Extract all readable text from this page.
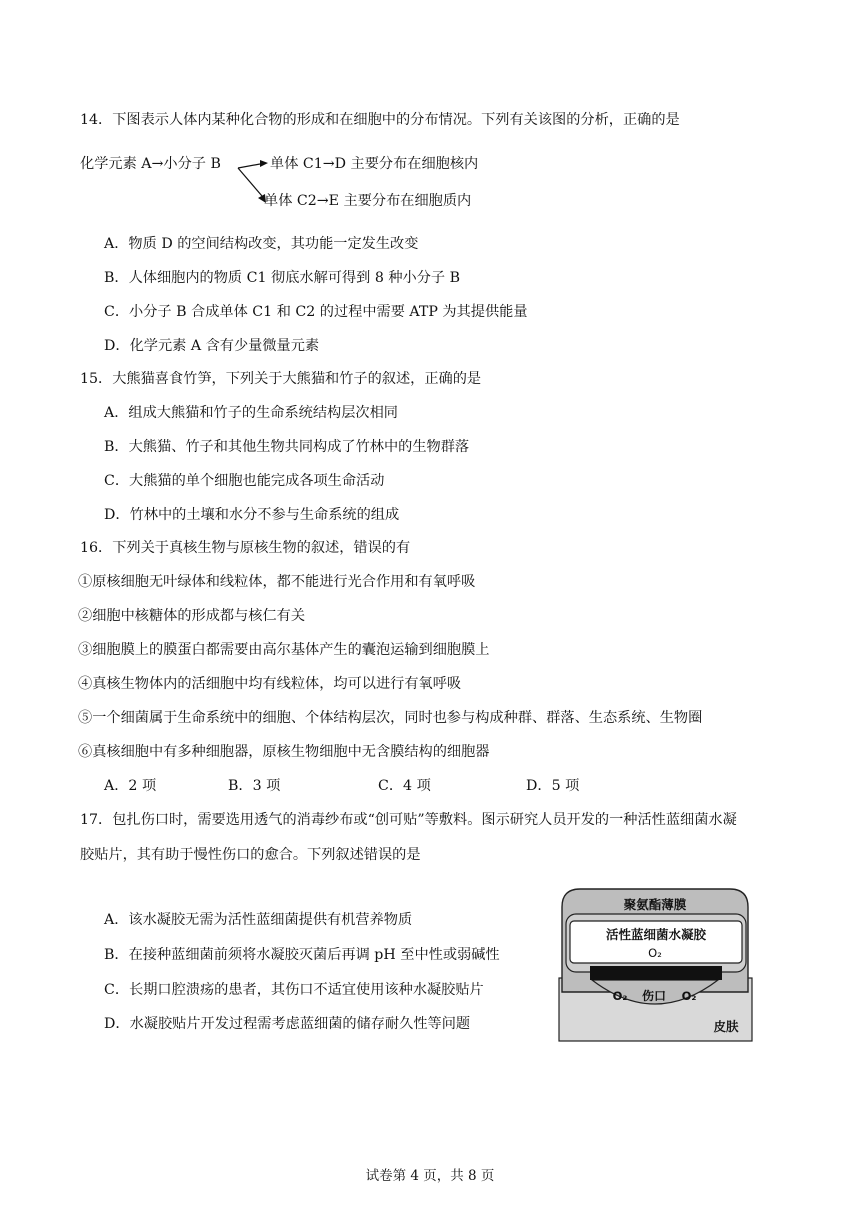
14．下图表示人体内某种化合物的形成和在细胞中的分布情况。下列有关该图的分析，正确的是
化学元素 A→小分子 B	单体 C1→D 主要分布在细胞核内
单体 C2→E 主要分布在细胞质内
A．物质 D 的空间结构改变，其功能一定发生改变
B．人体细胞内的物质 C1 彻底水解可得到 8 种小分子 B
C．小分子 B 合成单体 C1 和 C2 的过程中需要 ATP 为其提供能量
D．化学元素 A 含有少量微量元素
15．大熊猫喜食竹笋，下列关于大熊猫和竹子的叙述，正确的是
A．组成大熊猫和竹子的生命系统结构层次相同
B．大熊猫、竹子和其他生物共同构成了竹林中的生物群落
C．大熊猫的单个细胞也能完成各项生命活动
D．竹林中的土壤和水分不参与生命系统的组成
16．下列关于真核生物与原核生物的叙述，错误的有
①原核细胞无叶绿体和线粒体，都不能进行光合作用和有氧呼吸
②细胞中核糖体的形成都与核仁有关
③细胞膜上的膜蛋白都需要由高尔基体产生的囊泡运输到细胞膜上
④真核生物体内的活细胞中均有线粒体，均可以进行有氧呼吸
⑤一个细菌属于生命系统中的细胞、个体结构层次，同时也参与构成种群、群落、生态系统、生物圈
⑥真核细胞中有多种细胞器，原核生物细胞中无含膜结构的细胞器
A．2 项	B．3 项	C．4 项	D．5 项
17．包扎伤口时，需要选用透气的消毒纱布或“创可贴”等敷料。图示研究人员开发的一种活性蓝细菌水凝
胶贴片，其有助于慢性伤口的愈合。下列叙述错误的是
A．该水凝胶无需为活性蓝细菌提供有机营养物质
B．在接种蓝细菌前须将水凝胶灭菌后再调 pH 至中性或弱碱性
C．长期口腔溃疡的患者，其伤口不适宜使用该种水凝胶贴片
D．水凝胶贴片开发过程需考虑蓝细菌的储存耐久性等问题
聚氨酯薄膜
活性蓝细菌水凝胶
O₂
O₂ 伤口 O₂
皮肤
试卷第 4 页，共 8 页
